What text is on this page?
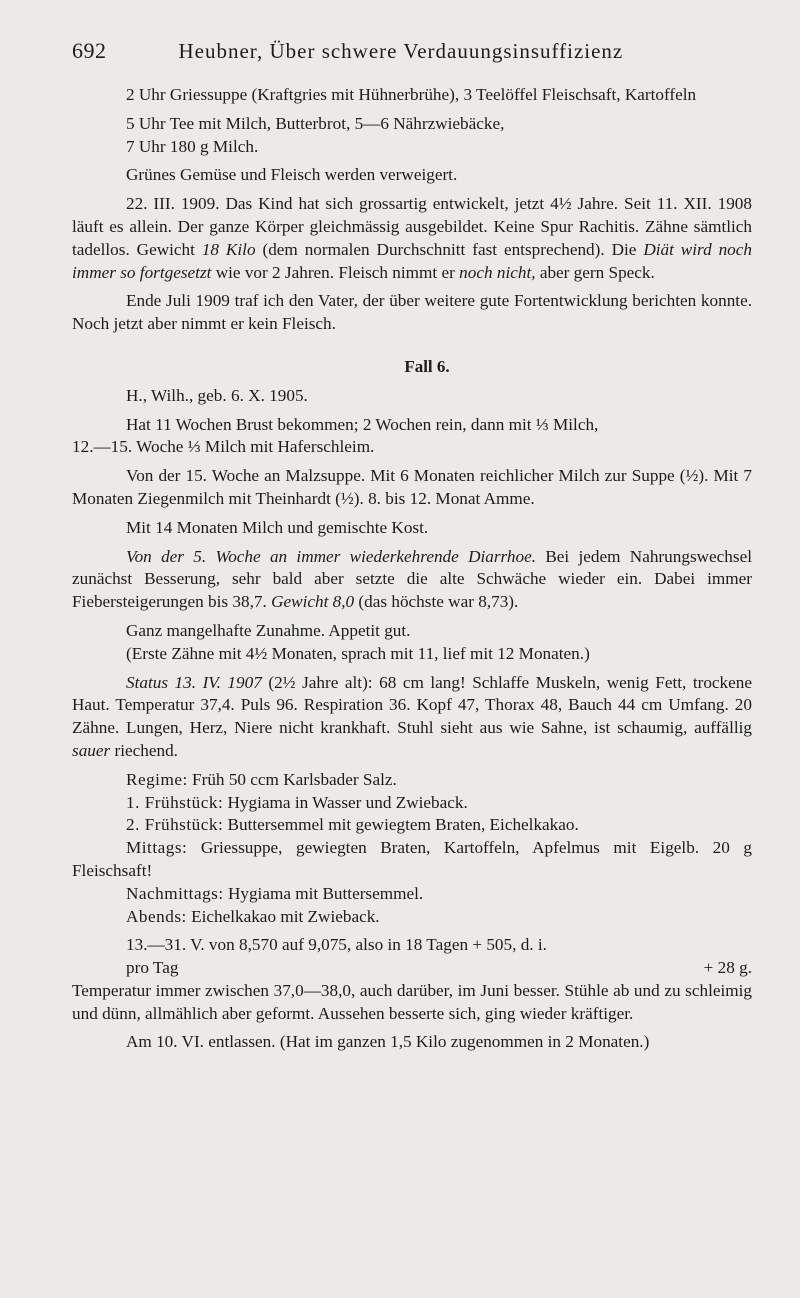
692	Heubner, Über schwere Verdauungsinsuffizienz

2 Uhr Griessuppe (Kraftgries mit Hühnerbrühe), 3 Teelöffel Fleischsaft, Kartoffeln

5 Uhr Tee mit Milch, Butterbrot, 5—6 Nährzwiebäcke,

7 Uhr 180 g Milch.

Grünes Gemüse und Fleisch werden verweigert.

22. III. 1909. Das Kind hat sich grossartig entwickelt, jetzt 4½ Jahre. Seit 11. XII. 1908 läuft es allein. Der ganze Körper gleichmässig ausgebildet. Keine Spur Rachitis. Zähne sämtlich tadellos. Gewicht 18 Kilo (dem normalen Durchschnitt fast entsprechend). Die Diät wird noch immer so fortgesetzt wie vor 2 Jahren. Fleisch nimmt er noch nicht, aber gern Speck.

Ende Juli 1909 traf ich den Vater, der über weitere gute Fortentwicklung berichten konnte. Noch jetzt aber nimmt er kein Fleisch.

Fall 6.

H., Wilh., geb. 6. X. 1905.

Hat 11 Wochen Brust bekommen; 2 Wochen rein, dann mit ⅓ Milch,

12.—15. Woche ⅓ Milch mit Haferschleim.

Von der 15. Woche an Malzsuppe. Mit 6 Monaten reichlicher Milch zur Suppe (½). Mit 7 Monaten Ziegenmilch mit Theinhardt (½). 8. bis 12. Monat Amme.

Mit 14 Monaten Milch und gemischte Kost.

Von der 5. Woche an immer wiederkehrende Diarrhoe. Bei jedem Nahrungswechsel zunächst Besserung, sehr bald aber setzte die alte Schwäche wieder ein. Dabei immer Fiebersteigerungen bis 38,7. Gewicht 8,0 (das höchste war 8,73).

Ganz mangelhafte Zunahme. Appetit gut.

(Erste Zähne mit 4½ Monaten, sprach mit 11, lief mit 12 Monaten.)

Status 13. IV. 1907 (2½ Jahre alt): 68 cm lang! Schlaffe Muskeln, wenig Fett, trockene Haut. Temperatur 37,4. Puls 96. Respiration 36. Kopf 47, Thorax 48, Bauch 44 cm Umfang. 20 Zähne. Lungen, Herz, Niere nicht krankhaft. Stuhl sieht aus wie Sahne, ist schaumig, auffällig sauer riechend.

Regime: Früh 50 ccm Karlsbader Salz.

1. Frühstück: Hygiama in Wasser und Zwieback.

2. Frühstück: Buttersemmel mit gewiegtem Braten, Eichelkakao.

Mittags: Griessuppe, gewiegten Braten, Kartoffeln, Apfelmus mit Eigelb. 20 g Fleischsaft!

Nachmittags: Hygiama mit Buttersemmel.

Abends: Eichelkakao mit Zwieback.

13.—31. V. von 8,570 auf 9,075, also in 18 Tagen + 505, d. i.
pro Tag	+ 28 g.

Temperatur immer zwischen 37,0—38,0, auch darüber, im Juni besser. Stühle ab und zu schleimig und dünn, allmählich aber geformt. Aussehen besserte sich, ging wieder kräftiger.

Am 10. VI. entlassen. (Hat im ganzen 1,5 Kilo zugenommen in 2 Monaten.)
